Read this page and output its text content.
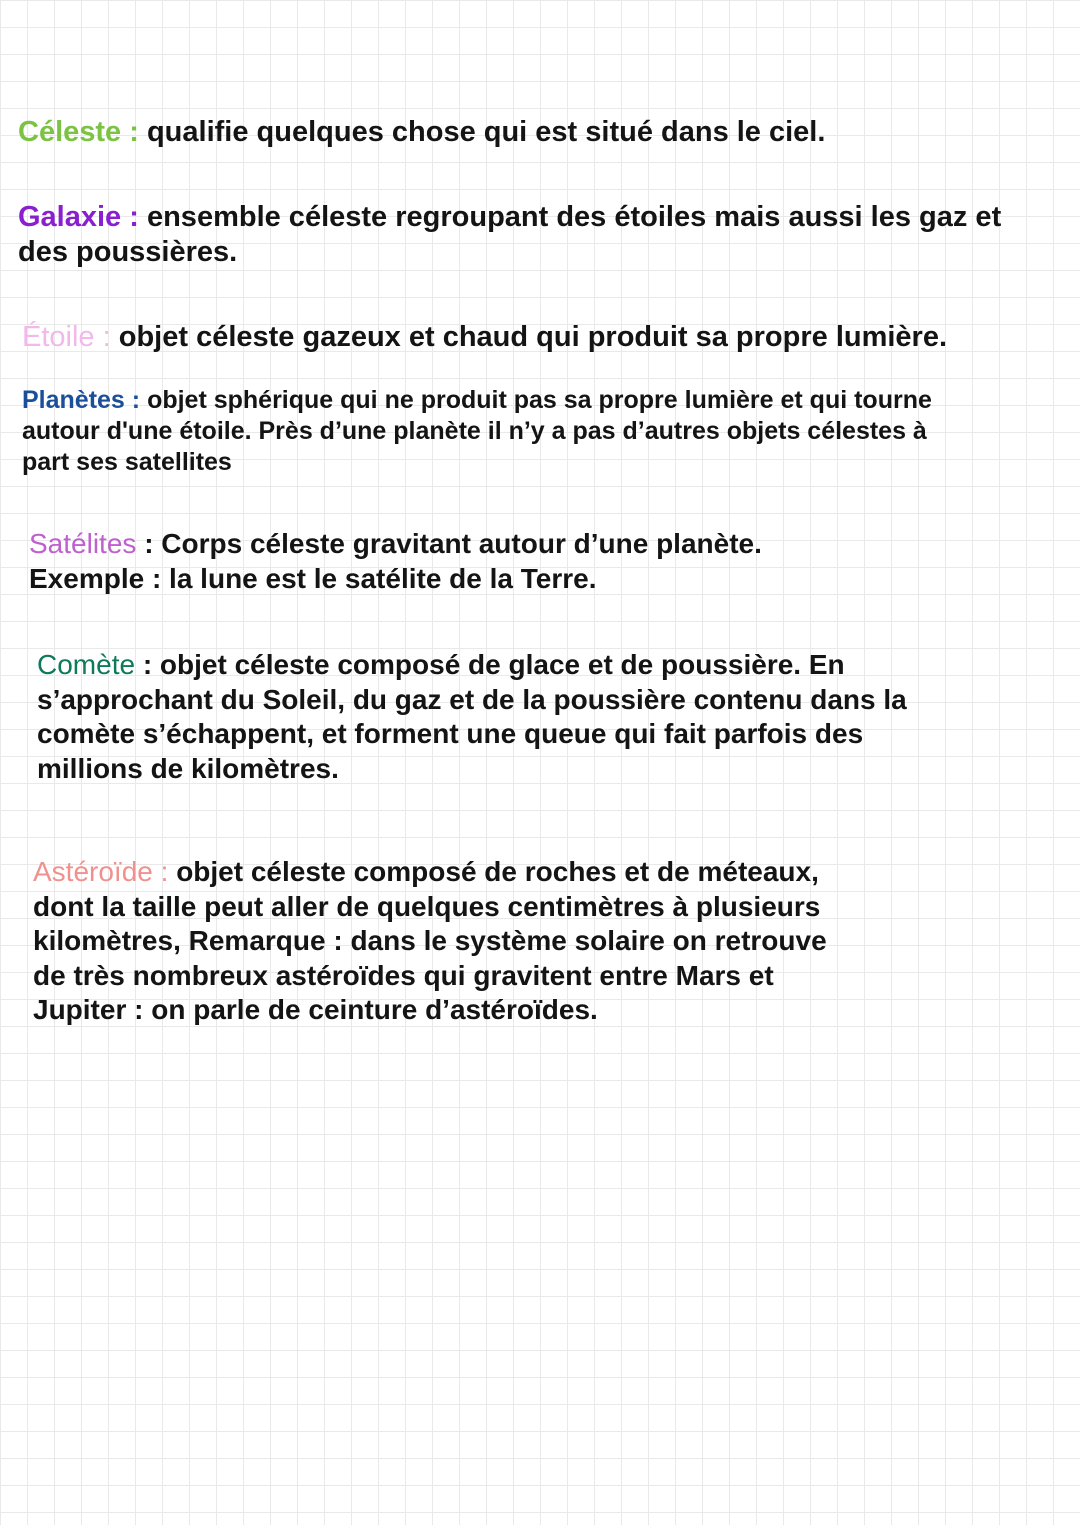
Céleste : qualifie quelques chose qui est situé dans le ciel.

Galaxie : ensemble céleste regroupant des étoiles mais aussi les gaz et
des poussières.

Étoile : objet céleste gazeux et chaud qui produit sa propre lumière.

Planètes : objet sphérique qui ne produit pas sa propre lumière et qui tourne
autour d'une étoile. Près d’une planète il n’y a pas d’autres objets célestes à
part ses satellites

Satélites : Corps céleste gravitant autour d’une planète.
Exemple : la lune est le satélite de la Terre.

Comète : objet céleste composé de glace et de poussière. En
s’approchant du Soleil, du gaz et de la poussière contenu dans la
comète s’échappent, et forment une queue qui fait parfois des
millions de kilomètres.

Astéroïde : objet céleste composé de roches et de méteaux,
dont la taille peut aller de quelques centimètres à plusieurs
kilomètres, Remarque : dans le système solaire on retrouve
de très nombreux astéroïdes qui gravitent entre Mars et
Jupiter : on parle de ceinture d’astéroïdes.
